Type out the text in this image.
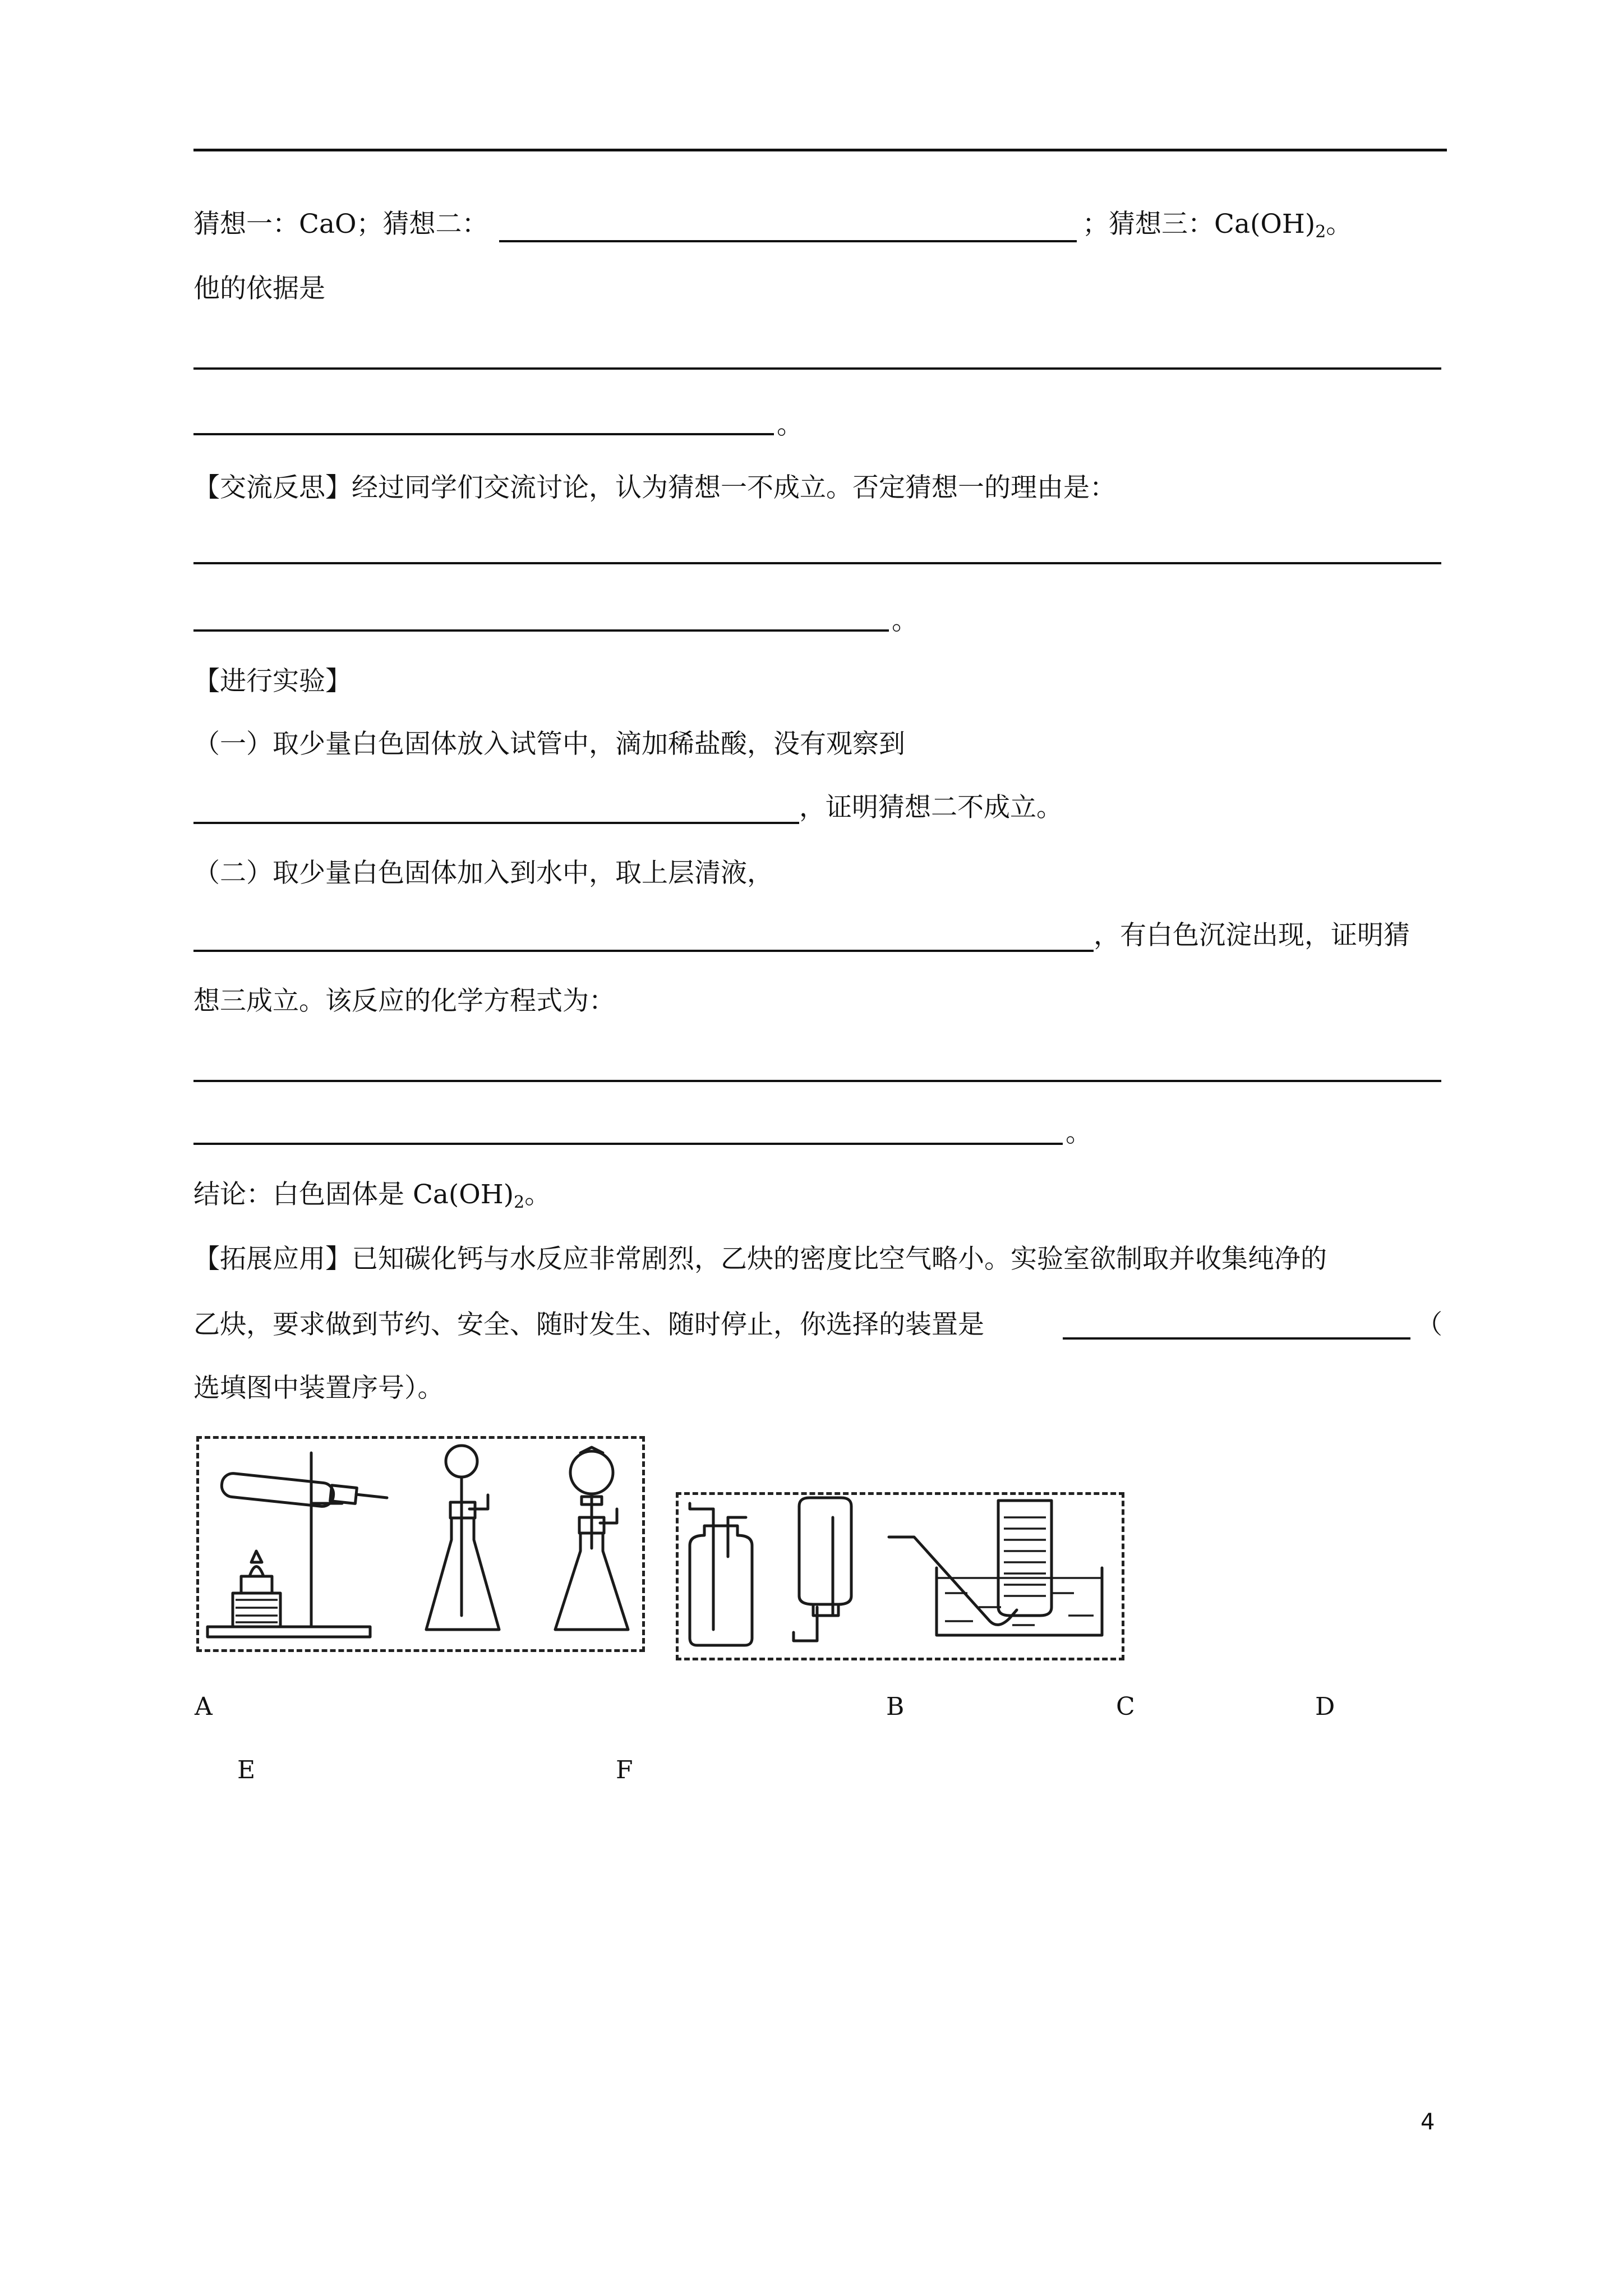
猜想一：CaO；猜想二：	；猜想三：Ca(OH)2。
他的依据是
。
【交流反思】经过同学们交流讨论，认为猜想一不成立。否定猜想一的理由是：
。
【进行实验】
（一）取少量白色固体放入试管中，滴加稀盐酸，没有观察到
，证明猜想二不成立。
（二）取少量白色固体加入到水中，取上层清液，
，有白色沉淀出现，证明猜
想三成立。该反应的化学方程式为：
。
结论：白色固体是 Ca(OH)2。
【拓展应用】已知碳化钙与水反应非常剧烈，乙炔的密度比空气略小。实验室欲制取并收集纯净的
乙炔，要求做到节约、安全、随时发生、随时停止，你选择的装置是	（
选填图中装置序号）。
A	B	C	D
E	F
4
